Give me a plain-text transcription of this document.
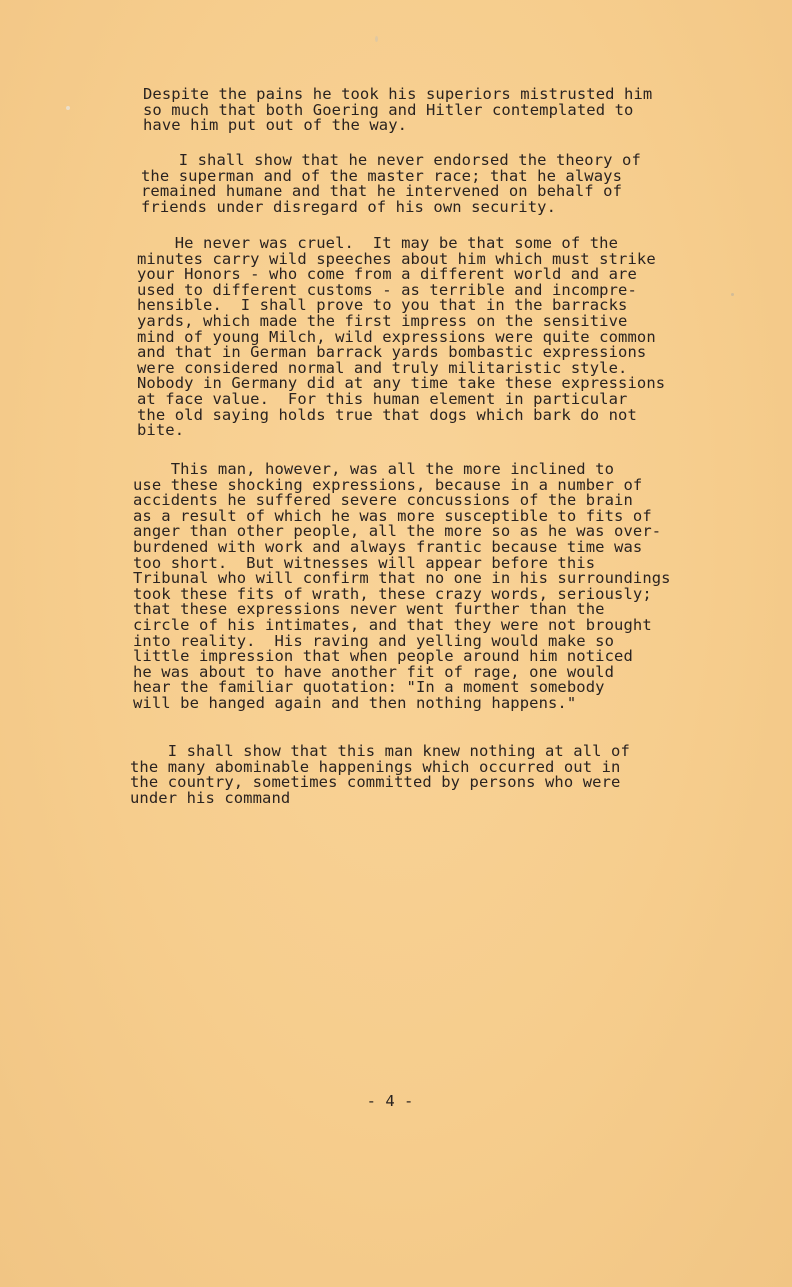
Despite the pains he took his superiors mistrusted him
so much that both Goering and Hitler contemplated to
have him put out of the way.

I shall show that he never endorsed the theory of
the superman and of the master race; that he always
remained humane and that he intervened on behalf of
friends under disregard of his own security.

He never was cruel.  It may be that some of the
minutes carry wild speeches about him which must strike
your Honors - who come from a different world and are
used to different customs - as terrible and incompre-
hensible.  I shall prove to you that in the barracks
yards, which made the first impress on the sensitive
mind of young Milch, wild expressions were quite common
and that in German barrack yards bombastic expressions
were considered normal and truly militaristic style.
Nobody in Germany did at any time take these expressions
at face value.  For this human element in particular
the old saying holds true that dogs which bark do not
bite.

This man, however, was all the more inclined to
use these shocking expressions, because in a number of
accidents he suffered severe concussions of the brain
as a result of which he was more susceptible to fits of
anger than other people, all the more so as he was over-
burdened with work and always frantic because time was
too short.  But witnesses will appear before this
Tribunal who will confirm that no one in his surroundings
took these fits of wrath, these crazy words, seriously;
that these expressions never went further than the
circle of his intimates, and that they were not brought
into reality.  His raving and yelling would make so
little impression that when people around him noticed
he was about to have another fit of rage, one would
hear the familiar quotation: "In a moment somebody
will be hanged again and then nothing happens."

I shall show that this man knew nothing at all of
the many abominable happenings which occurred out in
the country, sometimes committed by persons who were
under his command

- 4 -
